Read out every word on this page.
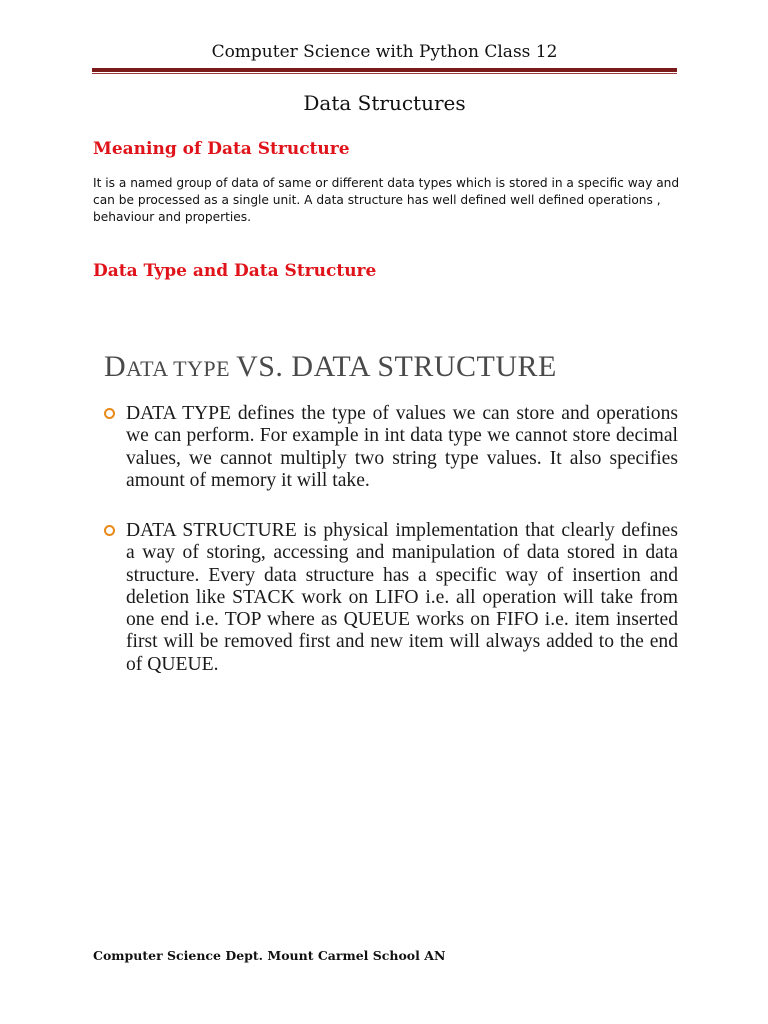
Computer Science with Python Class 12
Data Structures
Meaning of Data Structure
It is a named group of data of same or different data types which is stored in a specific way and can be processed as a single unit. A data structure has well defined well defined operations , behaviour and properties.
Data Type and Data Structure
DATA TYPE VS. DATA STRUCTURE
DATA TYPE defines the type of values we can store and operations we can perform. For example in int data type we cannot store decimal values, we cannot multiply two string type values. It also specifies amount of memory it will take.
DATA STRUCTURE is physical implementation that clearly defines a way of storing, accessing and manipulation of data stored in data structure. Every data structure has a specific way of insertion and deletion like STACK work on LIFO i.e. all operation will take from one end i.e. TOP where as QUEUE works on FIFO i.e. item inserted first will be removed first and new item will always added to the end of QUEUE.
Computer Science Dept. Mount Carmel School AN
